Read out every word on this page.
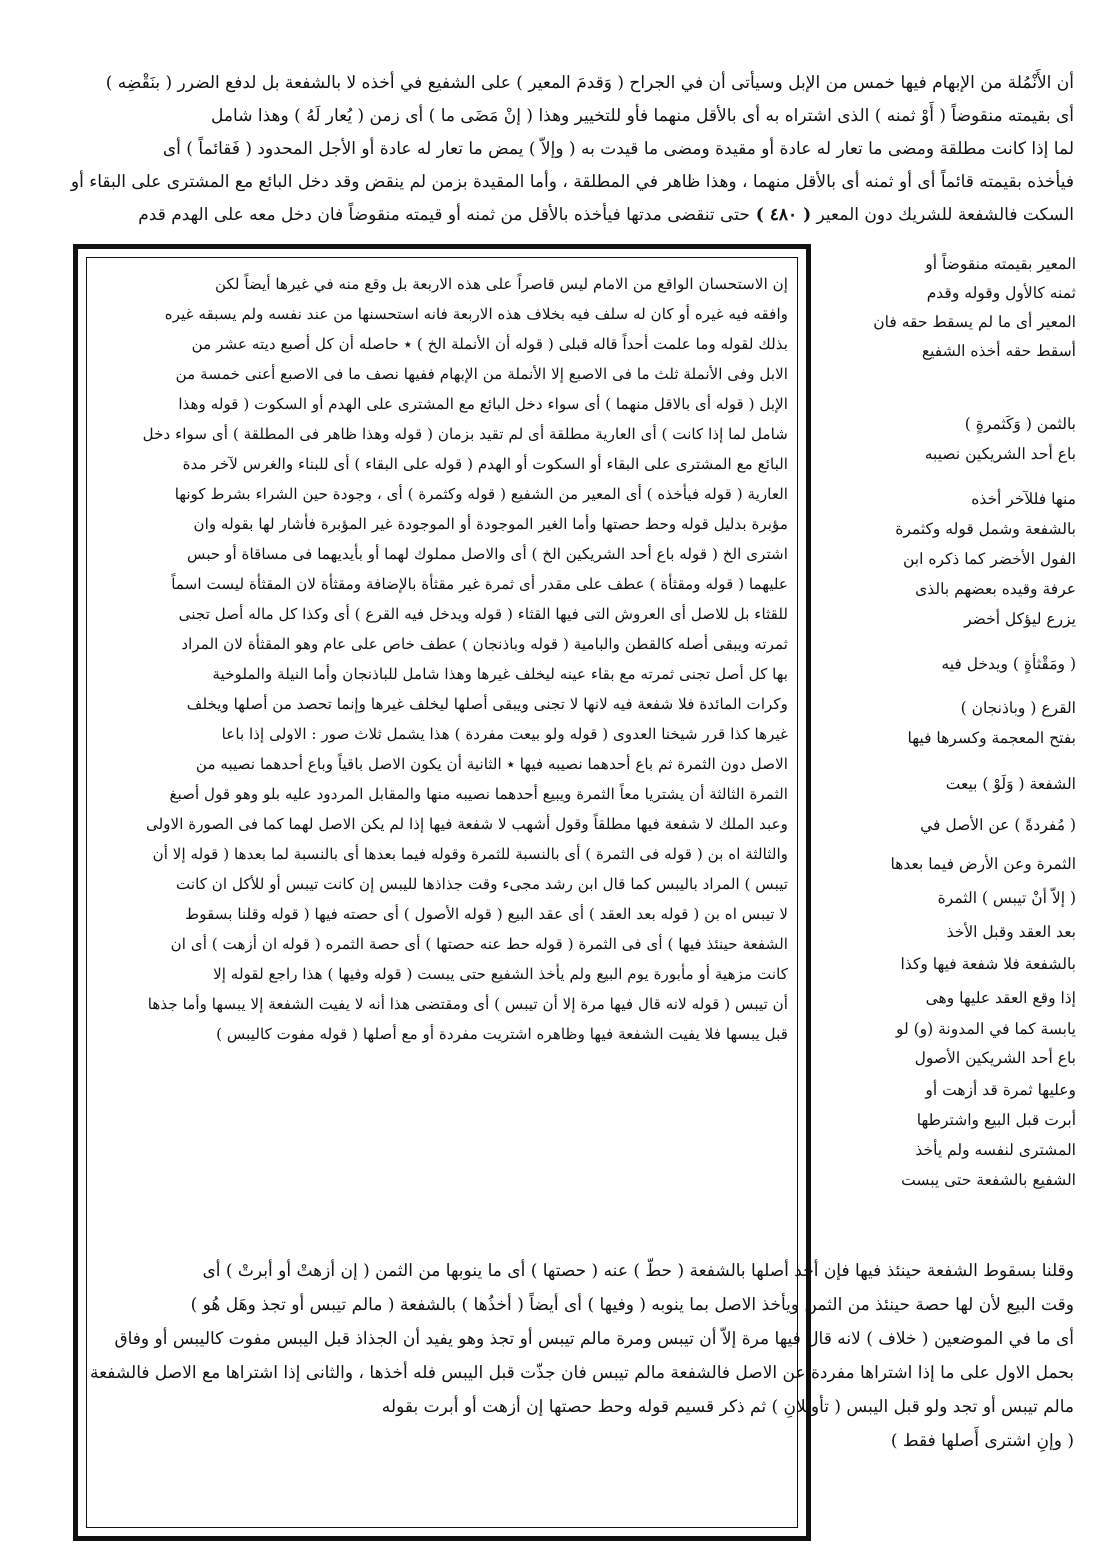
أن الأَنْمُلة من الإبهام فيها خمس من الإبل وسيأتى أن في الجراح ( وَقدمَ المعير ) على الشفيع في أخذه لا بالشفعة بل لدفع الضرر ( بنَقْضِه )
أى بقيمته منقوضاً ( أَوْ ثمنه ) الذى اشتراه به أى بالأقل منهما فأو للتخيير وهذا ( إنْ مَضَى ما ) أى زمن ( يُعار لَهُ ) وهذا شامل
لما إذا كانت مطلقة ومضى ما تعار له عادة أو مقيدة ومضى ما قيدت به ( وإلاّ ) يمض ما تعار له عادة أو الأجل المحدود ( فَقائماً ) أى
فيأخذه بقيمته قائماً أى أو ثمنه أى بالأقل منهما ، وهذا ظاهر في المطلقة ، وأما المقيدة بزمن لم ينقض وقد دخل البائع مع المشترى على البقاء أو
السكت فالشفعة للشريك دون المعير ( ٤٨٠ ) حتى تنقضى مدتها فيأخذه بالأقل من ثمنه أو قيمته منقوضاً فان دخل معه على الهدم قدم
المعير بقيمته منقوضاً أو
ثمنه كالأول وقوله وقدم
المعير أى ما لم يسقط حقه فان
أسقط حقه أخذه الشفيع
بالثمن ( وَكَثمرةٍ )
باع أحد الشريكين نصيبه
منها فللآخر أخذه
بالشفعة وشمل قوله وكثمرة
الفول الأخضر كما ذكره ابن
عرفة وقيده بعضهم بالذى
يزرع ليؤكل أخضر
( ومَقْثأةٍ ) ويدخل فيه
القرع ( وباذنجان )
بفتح المعجمة وكسرها فيها
الشفعة ( وَلَوْ ) بيعت
( مُفردةً ) عن الأصل في
الثمرة وعن الأرض فيما بعدها
( إلاّ أنْ تيبس ) الثمرة
بعد العقد وقبل الأخذ
بالشفعة فلا شفعة فيها وكذا
إذا وقع العقد عليها وهى
يابسة كما في المدونة (و) لو
باع أحد الشريكين الأصول
وعليها ثمرة قد أزهت أو
أبرت قبل البيع واشترطها
المشترى لنفسه ولم يأخذ
الشفيع بالشفعة حتى يبست
إن الاستحسان الواقع من الامام ليس قاصراً على هذه الاربعة بل وقع منه في غيرها أيضاً لكن
وافقه فيه غيره أو كان له سلف فيه بخلاف هذه الاربعة فانه استحسنها من عند نفسه ولم يسبقه غيره
بذلك لقوله وما علمت أحداً قاله قبلى ( قوله أن الأنملة الخ ) ٭ حاصله أن كل أصبع ديته عشر من
الابل وفى الأنملة ثلث ما فى الاصبع إلا الأنملة من الإبهام ففيها نصف ما فى الاصبع أعنى خمسة من
الإبل ( قوله أى بالاقل منهما ) أى سواء دخل البائع مع المشترى على الهدم أو السكوت ( قوله وهذا
شامل لما إذا كانت ) أى العارية مطلقة أى لم تقيد بزمان ( قوله وهذا ظاهر فى المطلقة ) أى سواء دخل
البائع مع المشترى على البقاء أو السكوت أو الهدم ( قوله على البقاء ) أى للبناء والغرس لآخر مدة
العارية ( قوله فيأخذه ) أى المعير من الشفيع ( قوله وكثمرة ) أى ، وجودة حين الشراء بشرط كونها
مؤبرة بدليل قوله وحط حصتها وأما الغير الموجودة أو الموجودة غير المؤبرة فأشار لها بقوله وان
اشترى الخ ( قوله باع أحد الشريكين الخ ) أى والاصل مملوك لهما أو بأيديهما فى مساقاة أو حبس
عليهما ( قوله ومقثأة ) عطف على مقدر أى ثمرة غير مقثأة بالإضافة ومقثأة لان المقثأة ليست اسماً
للقثاء بل للاصل أى العروش التى فيها القثاء ( قوله ويدخل فيه القرع ) أى وكذا كل ماله أصل تجنى
ثمرته ويبقى أصله كالقطن والبامية ( قوله وباذنجان ) عطف خاص على عام وهو المقثأة لان المراد
بها كل أصل تجنى ثمرته مع بقاء عينه ليخلف غيرها وهذا شامل للباذنجان وأما النيلة والملوخية
وكرات المائدة فلا شفعة فيه لانها لا تجنى ويبقى أصلها ليخلف غيرها وإنما تحصد من أصلها ويخلف
غيرها كذا قرر شيخنا العدوى ( قوله ولو بيعت مفردة ) هذا يشمل ثلاث صور : الاولى إذا باعا
الاصل دون الثمرة ثم باع أحدهما نصيبه فيها ٭ الثانية أن يكون الاصل باقياً وباع أحدهما نصيبه من
الثمرة الثالثة أن يشتريا معاً الثمرة ويبيع أحدهما نصيبه منها والمقابل المردود عليه بلو وهو قول أصبغ
وعبد الملك لا شفعة فيها مطلقاً وقول أشهب لا شفعة فيها إذا لم يكن الاصل لهما كما فى الصورة الاولى
والثالثة اه بن ( قوله فى الثمرة ) أى بالنسبة للثمرة وقوله فيما بعدها أى بالنسبة لما بعدها ( قوله إلا أن
تيبس ) المراد باليبس كما قال ابن رشد مجىء وقت جذاذها لليبس إن كانت تيبس أو للأكل ان كانت
لا تيبس اه بن ( قوله بعد العقد ) أى عقد البيع ( قوله الأصول ) أى حصته فيها ( قوله وقلنا بسقوط
الشفعة حينئذ فيها ) أى فى الثمرة ( قوله حط عنه حصتها ) أى حصة الثمره ( قوله ان أزهت ) أى ان
كانت مزهية أو مأبورة يوم البيع ولم يأخذ الشفيع حتى يبست ( قوله وفيها ) هذا راجع لقوله إلا
أن تيبس ( قوله لانه قال فيها مرة إلا أن تيبس ) أى ومقتضى هذا أنه لا يفيت الشفعة إلا يبسها وأما جذها
قبل يبسها فلا يفيت الشفعة فيها وظاهره اشتريت مفردة أو مع أصلها ( قوله مفوت كاليبس )
وقلنا بسقوط الشفعة حينئذ فيها فإن أخذ أصلها بالشفعة ( حطّ ) عنه ( حصتها ) أى ما ينوبها من الثمن ( إن أزهتْ أو أبرتْ ) أى
وقت البيع لأن لها حصة حينئذ من الثمن ويأخذ الاصل بما ينوبه ( وفيها ) أى أيضاً ( أخذُها ) بالشفعة ( مالم تيبس أو تجذ وهَل هُو )
أى ما في الموضعين ( خلاف ) لانه قال فيها مرة إلاّ أن تيبس ومرة مالم تيبس أو تجذ وهو يفيد أن الجذاذ قبل اليبس مفوت كاليبس أو وفاق
بحمل الاول على ما إذا اشتراها مفردة عن الاصل فالشفعة مالم تيبس فان جذّت قبل اليبس فله أخذها ، والثانى إذا اشتراها مع الاصل فالشفعة
مالم تيبس أو تجد ولو قبل اليبس ( تأويلانِ ) ثم ذكر قسيم قوله وحط حصتها إن أزهت أو أبرت بقوله
( وإنِ اشترى أَصلها فقط )
